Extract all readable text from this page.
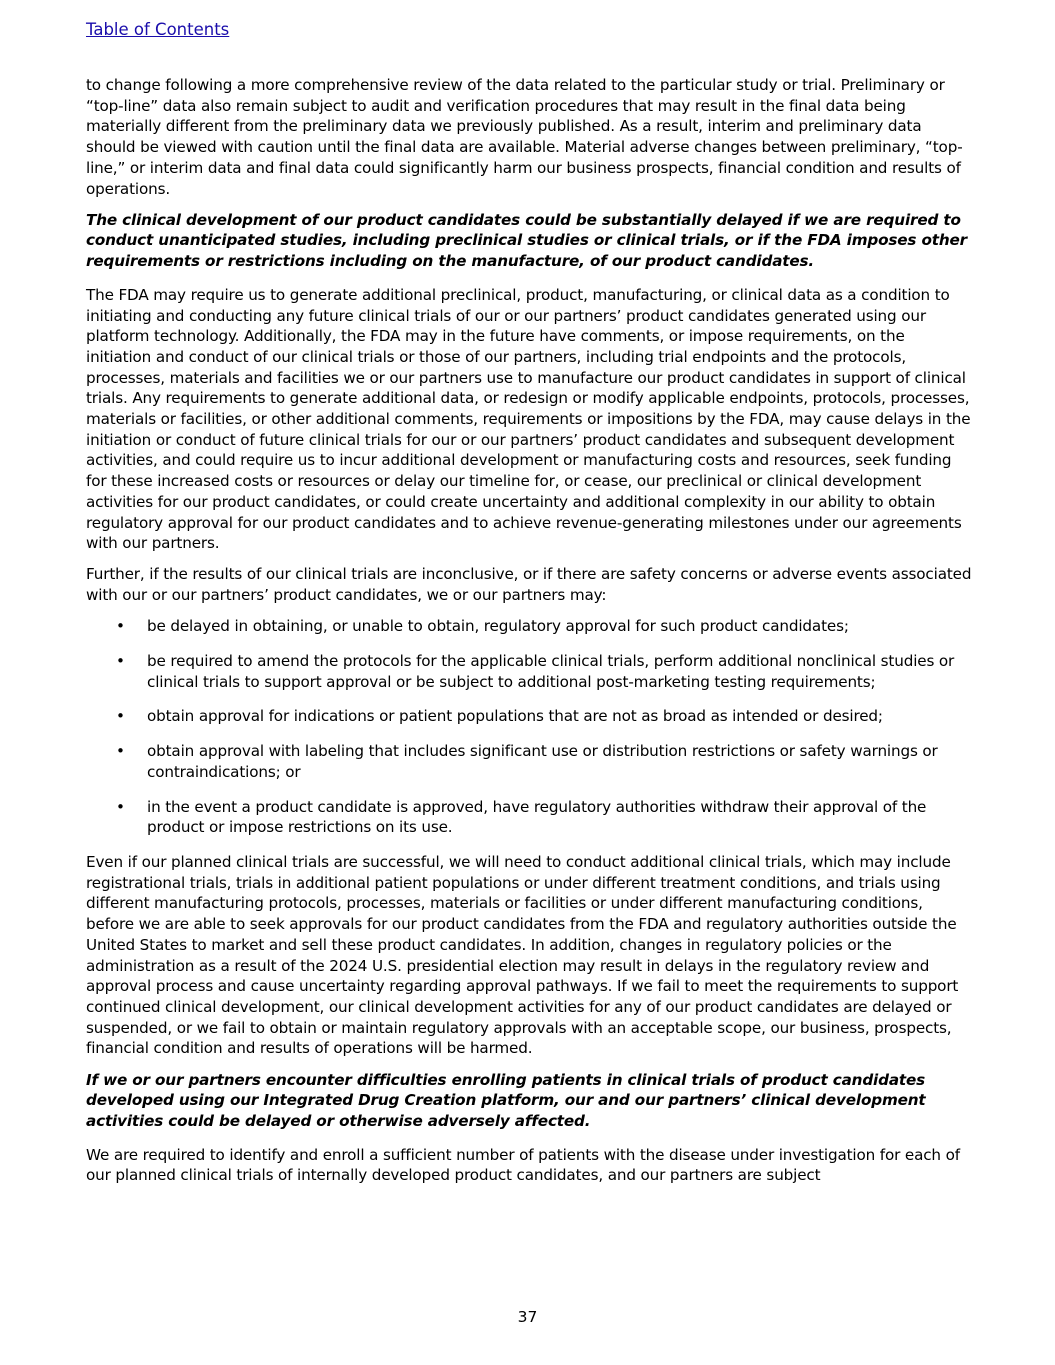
Table of Contents

to change following a more comprehensive review of the data related to the particular study or trial. Preliminary or “top-line” data also remain subject to audit and verification procedures that may result in the final data being materially different from the preliminary data we previously published. As a result, interim and preliminary data should be viewed with caution until the final data are available. Material adverse changes between preliminary, “top-line,” or interim data and final data could significantly harm our business prospects, financial condition and results of operations.

The clinical development of our product candidates could be substantially delayed if we are required to conduct unanticipated studies, including preclinical studies or clinical trials, or if the FDA imposes other requirements or restrictions including on the manufacture, of our product candidates.

The FDA may require us to generate additional preclinical, product, manufacturing, or clinical data as a condition to initiating and conducting any future clinical trials of our or our partners’ product candidates generated using our platform technology. Additionally, the FDA may in the future have comments, or impose requirements, on the initiation and conduct of our clinical trials or those of our partners, including trial endpoints and the protocols, processes, materials and facilities we or our partners use to manufacture our product candidates in support of clinical trials. Any requirements to generate additional data, or redesign or modify applicable endpoints, protocols, processes, materials or facilities, or other additional comments, requirements or impositions by the FDA, may cause delays in the initiation or conduct of future clinical trials for our or our partners’ product candidates and subsequent development activities, and could require us to incur additional development or manufacturing costs and resources, seek funding for these increased costs or resources or delay our timeline for, or cease, our preclinical or clinical development activities for our product candidates, or could create uncertainty and additional complexity in our ability to obtain regulatory approval for our product candidates and to achieve revenue-generating milestones under our agreements with our partners.

Further, if the results of our clinical trials are inconclusive, or if there are safety concerns or adverse events associated with our or our partners’ product candidates, we or our partners may:

• be delayed in obtaining, or unable to obtain, regulatory approval for such product candidates;
• be required to amend the protocols for the applicable clinical trials, perform additional nonclinical studies or clinical trials to support approval or be subject to additional post-marketing testing requirements;
• obtain approval for indications or patient populations that are not as broad as intended or desired;
• obtain approval with labeling that includes significant use or distribution restrictions or safety warnings or contraindications; or
• in the event a product candidate is approved, have regulatory authorities withdraw their approval of the product or impose restrictions on its use.

Even if our planned clinical trials are successful, we will need to conduct additional clinical trials, which may include registrational trials, trials in additional patient populations or under different treatment conditions, and trials using different manufacturing protocols, processes, materials or facilities or under different manufacturing conditions, before we are able to seek approvals for our product candidates from the FDA and regulatory authorities outside the United States to market and sell these product candidates. In addition, changes in regulatory policies or the administration as a result of the 2024 U.S. presidential election may result in delays in the regulatory review and approval process and cause uncertainty regarding approval pathways. If we fail to meet the requirements to support continued clinical development, our clinical development activities for any of our product candidates are delayed or suspended, or we fail to obtain or maintain regulatory approvals with an acceptable scope, our business, prospects, financial condition and results of operations will be harmed.

If we or our partners encounter difficulties enrolling patients in clinical trials of product candidates developed using our Integrated Drug Creation platform, our and our partners’ clinical development activities could be delayed or otherwise adversely affected.

We are required to identify and enroll a sufficient number of patients with the disease under investigation for each of our planned clinical trials of internally developed product candidates, and our partners are subject

37
